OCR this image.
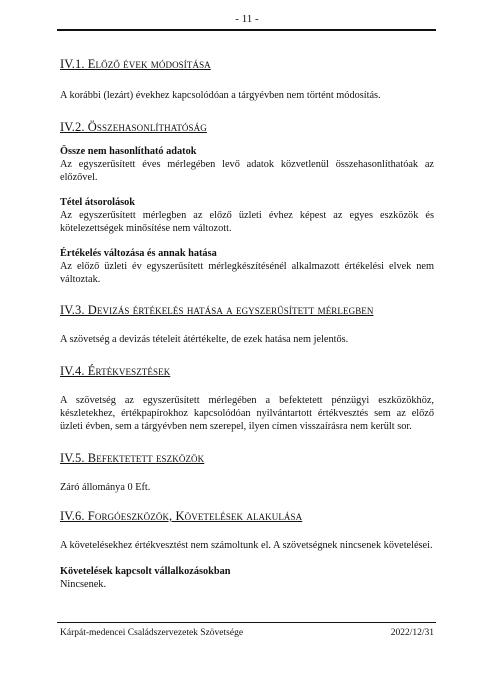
- 11 -
IV.1. Előző évek módosítása

A korábbi (lezárt) évekhez kapcsolódóan a tárgyévben nem történt módosítás.

IV.2. Összehasonlíthatóság
Össze nem hasonlítható adatok

Az egyszerűsített éves mérlegében levő adatok közvetlenül összehasonlíthatóak az előzővel.

Tétel átsorolások

Az egyszerűsített mérlegben az előző üzleti évhez képest az egyes eszközök és kötelezettségek minősítése nem változott.

Értékelés változása és annak hatása

Az előző üzleti év egyszerűsített mérlegkészítésénél alkalmazott értékelési elvek nem változtak.

IV.3. Devizás értékelés hatása a egyszerűsített mérlegben

A szövetség a devizás tételeit átértékelte, de ezek hatása nem jelentős.

IV.4. Értékvesztések

A szövetség az egyszerűsített mérlegében a befektetett pénzügyi eszközökhöz, készletekhez, értékpapírokhoz kapcsolódóan nyilvántartott értékvesztés sem az előző üzleti évben, sem a tárgyévben nem szerepel, ilyen címen visszaírásra nem került sor.

IV.5. Befektetett eszközök

Záró állománya 0 Eft.

IV.6. Forgóeszközök, Követelések alakulása

A követelésekhez értékvesztést nem számoltunk el. A szövetségnek nincsenek követelései.

Követelések kapcsolt vállalkozásokban

Nincsenek.

Kárpát-medencei Családszervezetek Szövetsége	2022/12/31
